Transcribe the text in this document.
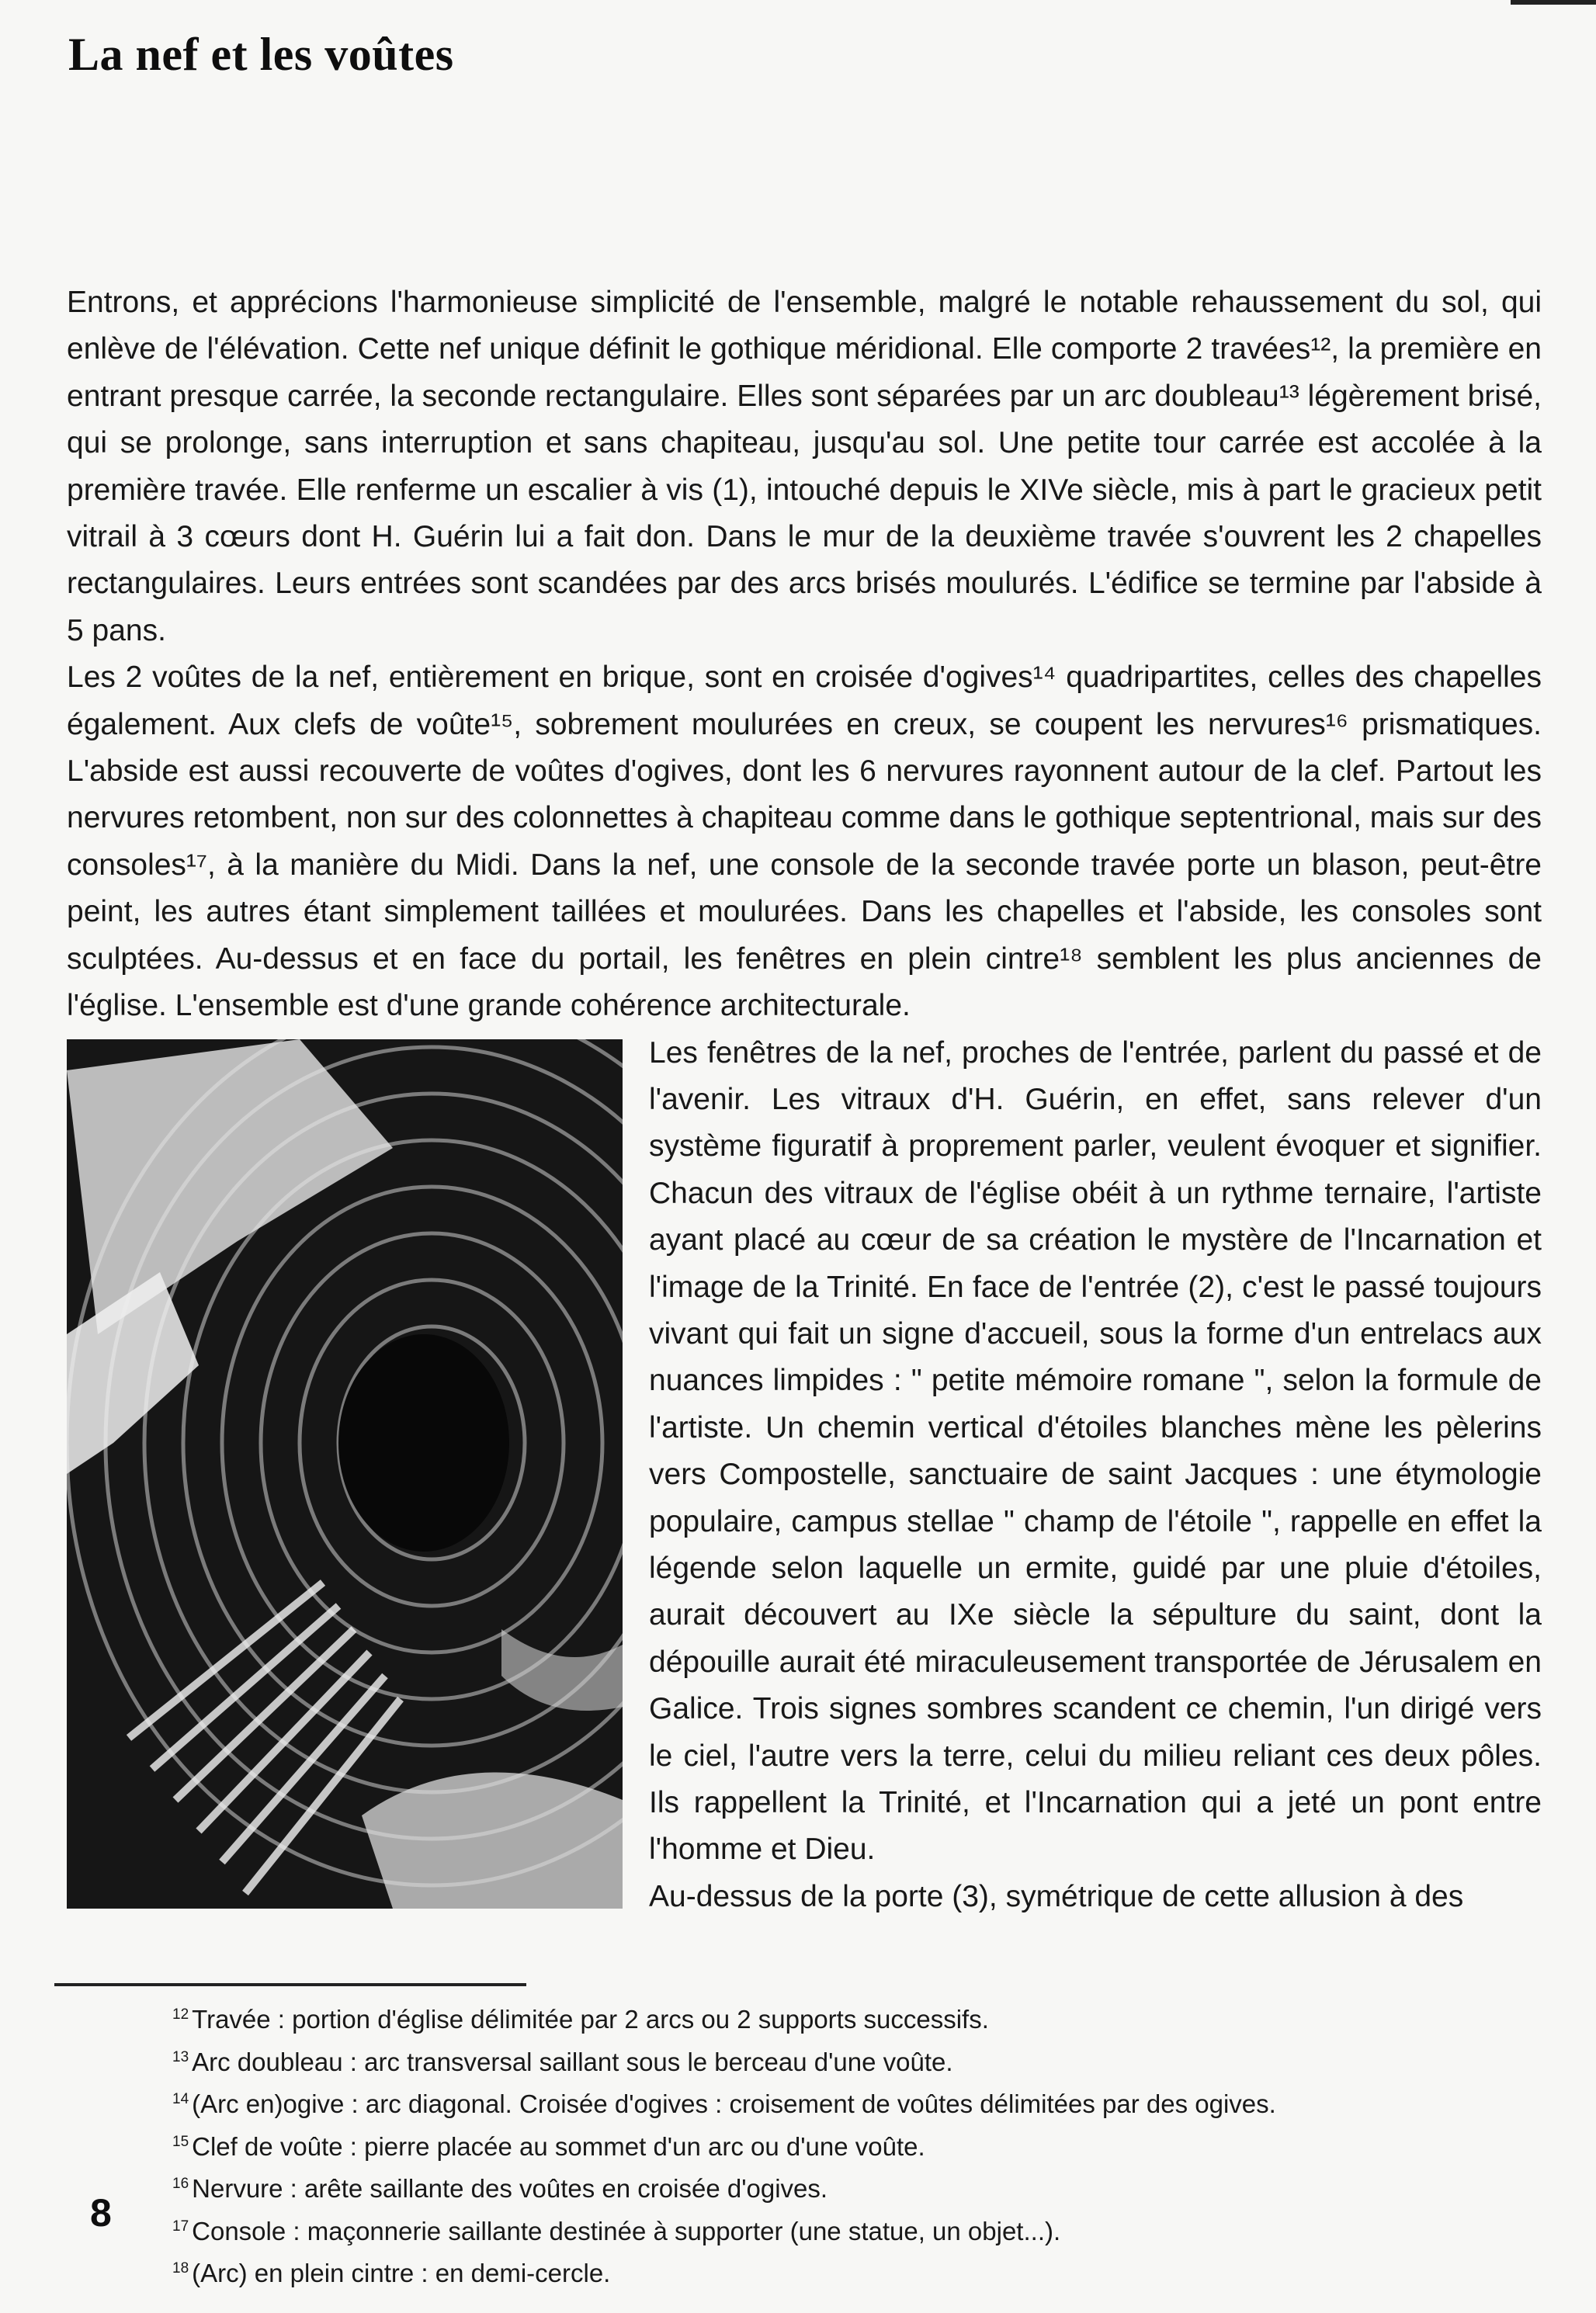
La nef et les voûtes

Entrons, et apprécions l'harmonieuse simplicité de l'ensemble, malgré le notable rehaussement du sol, qui enlève de l'élévation. Cette nef unique définit le gothique méridional. Elle comporte 2 travées¹², la première en entrant presque carrée, la seconde rectangulaire. Elles sont séparées par un arc doubleau¹³ légèrement brisé, qui se prolonge, sans interruption et sans chapiteau, jusqu'au sol. Une petite tour carrée est accolée à la première travée. Elle renferme un escalier à vis (1), intouché depuis le XIVe siècle, mis à part le gracieux petit vitrail à 3 cœurs dont H. Guérin lui a fait don. Dans le mur de la deuxième travée s'ouvrent les 2 chapelles rectangulaires. Leurs entrées sont scandées par des arcs brisés moulurés. L'édifice se termine par l'abside à 5 pans.

Les 2 voûtes de la nef, entièrement en brique, sont en croisée d'ogives¹⁴ quadripartites, celles des chapelles également. Aux clefs de voûte¹⁵, sobrement moulurées en creux, se coupent les nervures¹⁶ prismatiques. L'abside est aussi recouverte de voûtes d'ogives, dont les 6 nervures rayonnent autour de la clef. Partout les nervures retombent, non sur des colonnettes à chapiteau comme dans le gothique septentrional, mais sur des consoles¹⁷, à la manière du Midi. Dans la nef, une console de la seconde travée porte un blason, peut-être peint, les autres étant simplement taillées et moulurées. Dans les chapelles et l'abside, les consoles sont sculptées. Au-dessus et en face du portail, les fenêtres en plein cintre¹⁸ semblent les plus anciennes de l'église. L'ensemble est d'une grande cohérence architecturale.

Les fenêtres de la nef, proches de l'entrée, parlent du passé et de l'avenir. Les vitraux d'H. Guérin, en effet, sans relever d'un système figuratif à proprement parler, veulent évoquer et signifier. Chacun des vitraux de l'église obéit à un rythme ternaire, l'artiste ayant placé au cœur de sa création le mystère de l'Incarnation et l'image de la Trinité. En face de l'entrée (2), c'est le passé toujours vivant qui fait un signe d'accueil, sous la forme d'un entrelacs aux nuances limpides : " petite mémoire romane ", selon la formule de l'artiste. Un chemin vertical d'étoiles blanches mène les pèlerins vers Compostelle, sanctuaire de saint Jacques : une étymologie populaire, campus stellae " champ de l'étoile ", rappelle en effet la légende selon laquelle un ermite, guidé par une pluie d'étoiles, aurait découvert au IXe siècle la sépulture du saint, dont la dépouille aurait été miraculeusement transportée de Jérusalem en Galice. Trois signes sombres scandent ce chemin, l'un dirigé vers le ciel, l'autre vers la terre, celui du milieu reliant ces deux pôles. Ils rappellent la Trinité, et l'Incarnation qui a jeté un pont entre l'homme et Dieu.

Au-dessus de la porte (3), symétrique de cette allusion à des

$^{12}$ Travée : portion d'église délimitée par 2 arcs ou 2 supports successifs.
$^{13}$ Arc doubleau : arc transversal saillant sous le berceau d'une voûte.
$^{14}$ (Arc en)ogive : arc diagonal. Croisée d'ogives : croisement de voûtes délimitées par des ogives.
$^{15}$ Clef de voûte : pierre placée au sommet d'un arc ou d'une voûte.
$^{16}$ Nervure : arête saillante des voûtes en croisée d'ogives.
$^{17}$ Console : maçonnerie saillante destinée à supporter (une statue, un objet...).
$^{18}$ (Arc) en plein cintre : en demi-cercle.
8
